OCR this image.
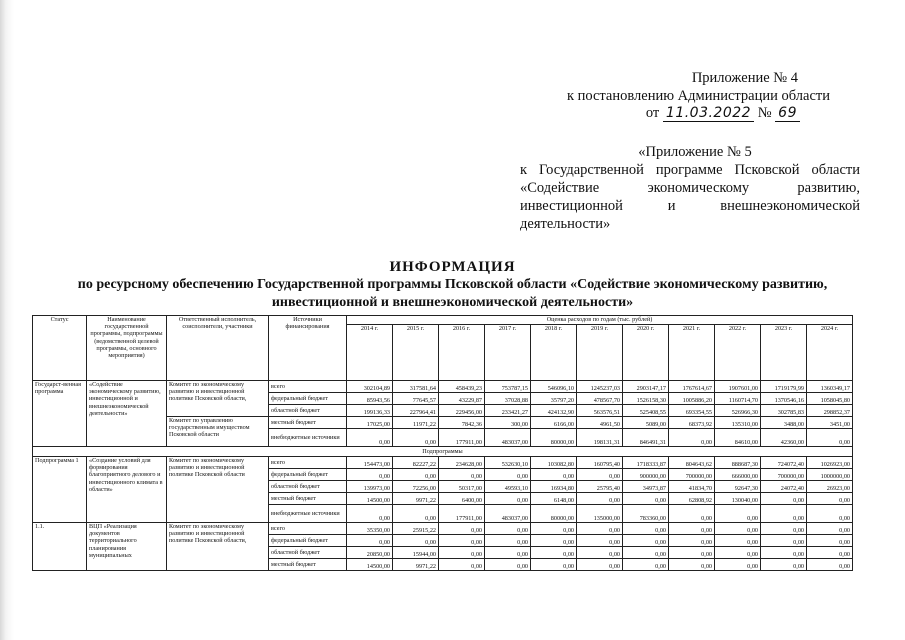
Приложение № 4
к постановлению Администрации области
от 11.03.2022 № 69
«Приложение № 5
к Государственной программе Псковской области
«Содействие экономическому развитию,
инвестиционной и внешнеэкономической
деятельности»
ИНФОРМАЦИЯ
по ресурсному обеспечению Государственной программы Псковской области «Содействие экономическому развитию,
инвестиционной и внешнеэкономической деятельности»
Статус	Наименование государственной программы, подпрограммы (ведомственной целевой программы, основного мероприятия)	Ответственный исполнитель, соисполнители, участники	Источники финансирования	Оценка расходов по годам (тыс. рублей)										
				2014 г.	2015 г.	2016 г.	2017 г.	2018 г.	2019 г.	2020 г.	2021 г.	2022 г.	2023 г.	2024 г.
Государст-венная программа	«Содействие экономическому развитию, инвестиционной и внешнеэкономической деятельности»	Комитет по экономическому развитию и инвестиционной политике Псковской области,	всего	302104,89	317581,64	458439,23	753787,15	546096,10	1245237,03	2903147,17	1767614,67	1907601,00	1719179,99	1360349,17
			федеральный бюджет	85943,56	77645,57	43229,87	37028,88	35797,20	478567,70	1526158,30	1005886,20	1160714,70	1370546,16	1058045,80
			областной бюджет	199136,33	227964,41	229456,00	233421,27	424132,90	563576,51	525408,55	693354,55	526966,30	302785,83	298852,37
		Комитет по управлению государственным имуществом Псковской области	местный бюджет	17025,00	11971,22	7842,36	300,00	6166,00	4961,50	5089,00	68373,92	135310,00	3488,00	3451,00
			внебюджетные источники	0,00	0,00	177911,00	483037,00	80000,00	198131,31	846491,31	0,00	84610,00	42360,00	0,00
Подпрограммы														
Подпрограмма 1	«Создание условий для формирования благоприятного делового и инвестиционного климата в области»	Комитет по экономическому развитию и инвестиционной политике Псковской области	всего	154473,00	82227,22	234628,00	532630,10	103082,80	160795,40	1718333,87	804643,62	888687,30	724072,40	1026923,00
			федеральный бюджет	0,00	0,00	0,00	0,00	0,00	0,00	900000,00	700000,00	666000,00	700000,00	1000000,00
			областной бюджет	139973,00	72256,00	50317,00	49593,10	16934,80	25795,40	34973,87	41834,70	92647,30	24072,40	26923,00
			местный бюджет	14500,00	9971,22	6400,00	0,00	6148,00	0,00	0,00	62808,92	130040,00	0,00	0,00
			внебюджетные источники	0,00	0,00	177911,00	483037,00	80000,00	135000,00	783360,00	0,00	0,00	0,00	0,00
1.1.	ВЦП «Реализация документов территориального планирования муниципальных	Комитет по экономическому развитию и инвестиционной политике Псковской области,	всего	35350,00	25915,22	0,00	0,00	0,00	0,00	0,00	0,00	0,00	0,00	0,00
			федеральный бюджет	0,00	0,00	0,00	0,00	0,00	0,00	0,00	0,00	0,00	0,00	0,00
			областной бюджет	20850,00	15944,00	0,00	0,00	0,00	0,00	0,00	0,00	0,00	0,00	0,00
			местный бюджет	14500,00	9971,22	0,00	0,00	0,00	0,00	0,00	0,00	0,00	0,00	0,00
